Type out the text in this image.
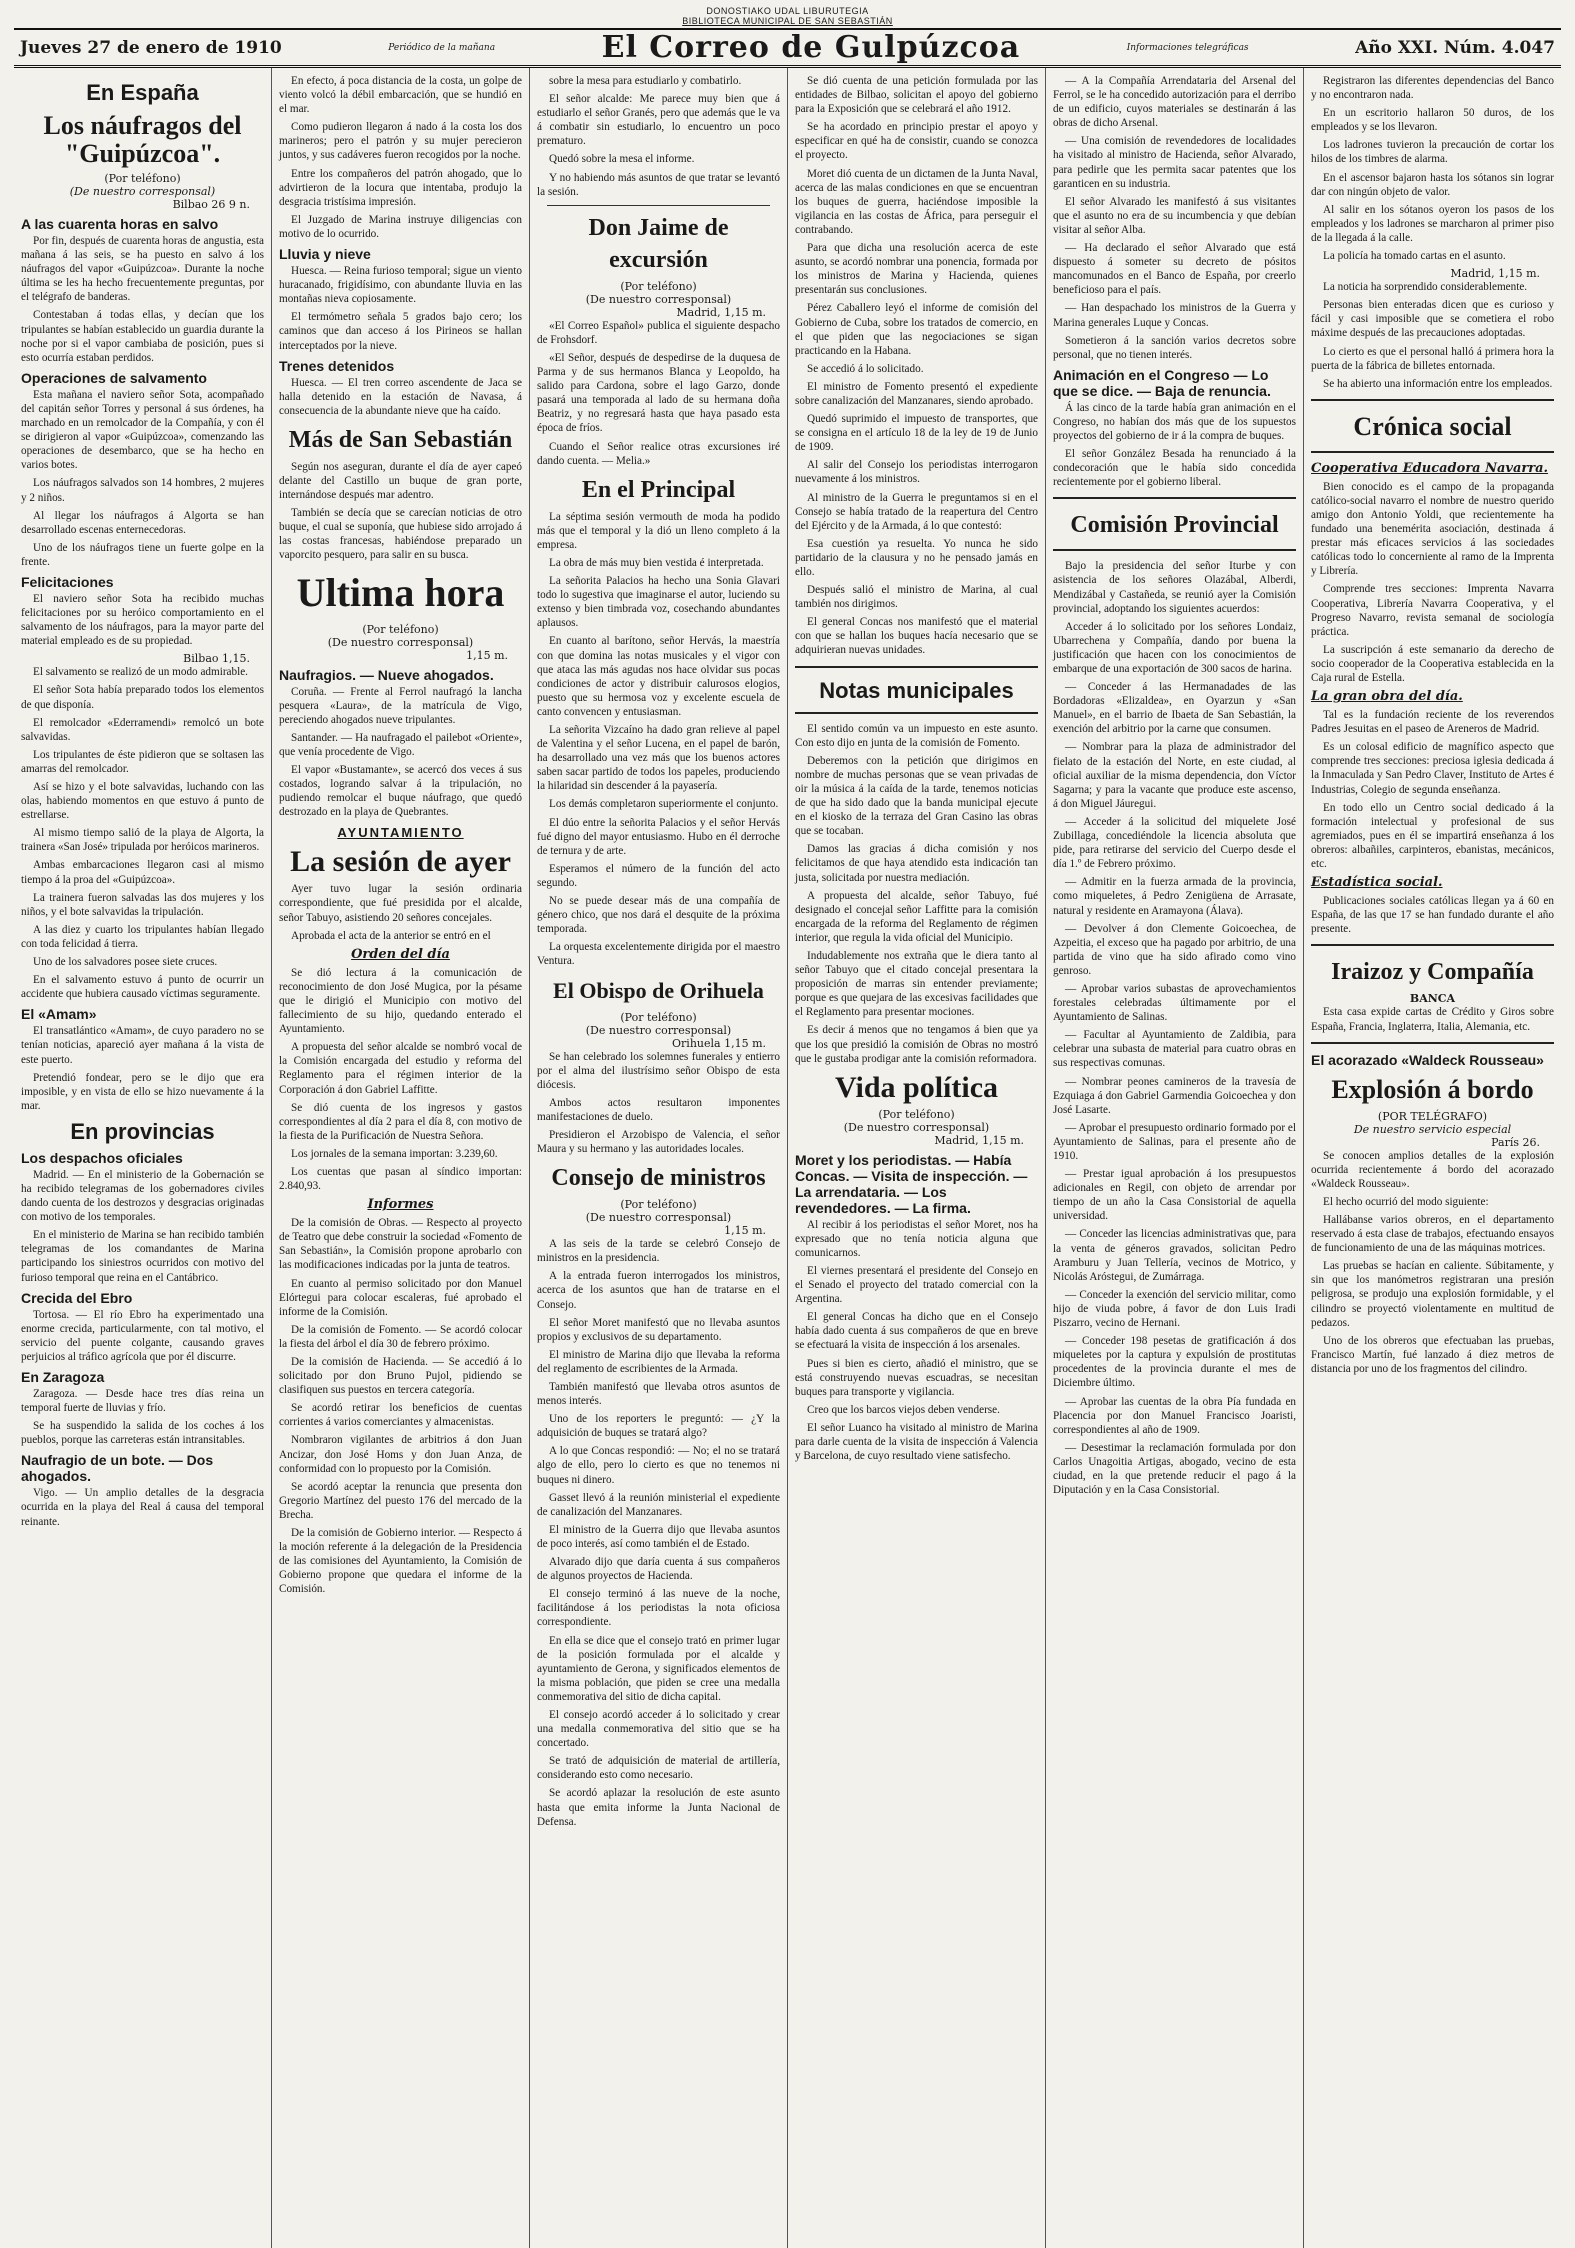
DONOSTIAKO UDAL LIBURUTEGIA
BIBLIOTECA MUNICIPAL DE SAN SEBASTIÁN
Jueves 27 de enero de 1910	Periódico de la mañana	El Correo de Gulpúzcoa	Informaciones telegráficas	Año XXI. Núm. 4.047
En España
Los náufragos del "Guipúzcoa".
(Por teléfono)
(De nuestro corresponsal)
Bilbao 26 9 n.
A las cuarenta horas en salvo

Por fin, después de cuarenta horas de angustia, esta mañana á las seis, se ha puesto en salvo á los náufragos del vapor «Guipúzcoa». Durante la noche última se les ha hecho frecuentemente preguntas, por el telégrafo de banderas.

Contestaban á todas ellas, y decían que los tripulantes se habían establecido un guardia durante la noche por si el vapor cambiaba de posición, pues si esto ocurría estaban perdidos.

Operaciones de salvamento

Esta mañana el naviero señor Sota, acompañado del capitán señor Torres y personal á sus órdenes, ha marchado en un remolcador de la Compañía, y con él se dirigieron al vapor «Guipúzcoa», comenzando las operaciones de desembarco, que se ha hecho en varios botes.

Los náufragos salvados son 14 hombres, 2 mujeres y 2 niños.

Al llegar los náufragos á Algorta se han desarrollado escenas enternecedoras.

Uno de los náufragos tiene un fuerte golpe en la frente.

Felicitaciones

El naviero señor Sota ha recibido muchas felicitaciones por su heróico comportamiento en el salvamento de los náufragos, para la mayor parte del material empleado es de su propiedad.

Bilbao 1,15.

El salvamento se realizó de un modo admirable.

El señor Sota había preparado todos los elementos de que disponía.

El remolcador «Ederramendi» remolcó un bote salvavidas.

Los tripulantes de éste pidieron que se soltasen las amarras del remolcador.

Así se hizo y el bote salvavidas, luchando con las olas, habiendo momentos en que estuvo á punto de estrellarse.

Al mismo tiempo salió de la playa de Algorta, la trainera «San José» tripulada por heróicos marineros.

Ambas embarcaciones llegaron casi al mismo tiempo á la proa del «Guipúzcoa».

La trainera fueron salvadas las dos mujeres y los niños, y el bote salvavidas la tripulación.

A las diez y cuarto los tripulantes habían llegado con toda felicidad á tierra.

Uno de los salvadores posee siete cruces.

En el salvamento estuvo á punto de ocurrir un accidente que hubiera causado víctimas seguramente.

El «Amam»

El transatlántico «Amam», de cuyo paradero no se tenían noticias, apareció ayer mañana á la vista de este puerto.

Pretendió fondear, pero se le dijo que era imposible, y en vista de ello se hizo nuevamente á la mar.

En provincias
Los despachos oficiales

Madrid. — En el ministerio de la Gobernación se ha recibido telegramas de los gobernadores civiles dando cuenta de los destrozos y desgracias originadas con motivo de los temporales.

En el ministerio de Marina se han recibido también telegramas de los comandantes de Marina participando los siniestros ocurridos con motivo del furioso temporal que reina en el Cantábrico.

Crecida del Ebro

Tortosa. — El río Ebro ha experimentado una enorme crecida, particularmente, con tal motivo, el servicio del puente colgante, causando graves perjuicios al tráfico agrícola que por él discurre.

En Zaragoza

Zaragoza. — Desde hace tres días reina un temporal fuerte de lluvias y frío.

Se ha suspendido la salida de los coches á los pueblos, porque las carreteras están intransitables.

Naufragio de un bote. — Dos ahogados.

Vigo. — Un amplio detalles de la desgracia ocurrida en la playa del Real á causa del temporal reinante.

En efecto, á poca distancia de la costa, un golpe de viento volcó la débil embarcación, que se hundió en el mar.

Como pudieron llegaron á nado á la costa los dos marineros; pero el patrón y su mujer perecieron juntos, y sus cadáveres fueron recogidos por la noche.

Entre los compañeros del patrón ahogado, que lo advirtieron de la locura que intentaba, produjo la desgracia tristísima impresión.

El Juzgado de Marina instruye diligencias con motivo de lo ocurrido.

Lluvia y nieve

Huesca. — Reina furioso temporal; sigue un viento huracanado, frigidísimo, con abundante lluvia en las montañas nieva copiosamente.

El termómetro señala 5 grados bajo cero; los caminos que dan acceso á los Pirineos se hallan interceptados por la nieve.

Trenes detenidos

Huesca. — El tren correo ascendente de Jaca se halla detenido en la estación de Navasa, á consecuencia de la abundante nieve que ha caído.

Más de San Sebastián

Según nos aseguran, durante el día de ayer capeó delante del Castillo un buque de gran porte, internándose después mar adentro.

También se decía que se carecían noticias de otro buque, el cual se suponía, que hubiese sido arrojado á las costas francesas, habiéndose preparado un vaporcito pesquero, para salir en su busca.

Ultima hora
(Por teléfono)
(De nuestro corresponsal)
1,15 m.
Naufragios. — Nueve ahogados.

Coruña. — Frente al Ferrol naufragó la lancha pesquera «Laura», de la matrícula de Vigo, pereciendo ahogados nueve tripulantes.

Santander. — Ha naufragado el pailebot «Oriente», que venía procedente de Vigo.

El vapor «Bustamante», se acercó dos veces á sus costados, logrando salvar á la tripulación, no pudiendo remolcar el buque náufrago, que quedó destrozado en la playa de Quebrantes.

AYUNTAMIENTO
La sesión de ayer

Ayer tuvo lugar la sesión ordinaria correspondiente, que fué presidida por el alcalde, señor Tabuyo, asistiendo 20 señores concejales.

Aprobada el acta de la anterior se entró en el

Orden del día

Se dió lectura á la comunicación de reconocimiento de don José Mugica, por la pésame que le dirigió el Municipio con motivo del fallecimiento de su hijo, quedando enterado el Ayuntamiento.

A propuesta del señor alcalde se nombró vocal de la Comisión encargada del estudio y reforma del Reglamento para el régimen interior de la Corporación á don Gabriel Laffitte.

Se dió cuenta de los ingresos y gastos correspondientes al día 2 para el día 8, con motivo de la fiesta de la Purificación de Nuestra Señora.

Los jornales de la semana importan: 3.239,60.

Los cuentas que pasan al síndico importan: 2.840,93.

Informes

De la comisión de Obras. — Respecto al proyecto de Teatro que debe construir la sociedad «Fomento de San Sebastián», la Comisión propone aprobarlo con las modificaciones indicadas por la junta de teatros.

En cuanto al permiso solicitado por don Manuel Elórtegui para colocar escaleras, fué aprobado el informe de la Comisión.

De la comisión de Fomento. — Se acordó colocar la fiesta del árbol el día 30 de febrero próximo.

De la comisión de Hacienda. — Se accedió á lo solicitado por don Bruno Pujol, pidiendo se clasifiquen sus puestos en tercera categoría.

Se acordó retirar los beneficios de cuentas corrientes á varios comerciantes y almacenistas.

Nombraron vigilantes de arbitrios á don Juan Ancizar, don José Homs y don Juan Anza, de conformidad con lo propuesto por la Comisión.

Se acordó aceptar la renuncia que presenta don Gregorio Martínez del puesto 176 del mercado de la Brecha.

De la comisión de Gobierno interior. — Respecto á la moción referente á la delegación de la Presidencia de las comisiones del Ayuntamiento, la Comisión de Gobierno propone que quedara el informe de la Comisión.

sobre la mesa para estudiarlo y combatirlo.

El señor alcalde: Me parece muy bien que á estudiarlo el señor Granés, pero que además que le va á combatir sin estudiarlo, lo encuentro un poco prematuro.

Quedó sobre la mesa el informe.

Y no habiendo más asuntos de que tratar se levantó la sesión.

Don Jaime de excursión
(Por teléfono)
(De nuestro corresponsal)
Madrid, 1,15 m.

«El Correo Español» publica el siguiente despacho de Frohsdorf.

«El Señor, después de despedirse de la duquesa de Parma y de sus hermanos Blanca y Leopoldo, ha salido para Cardona, sobre el lago Garzo, donde pasará una temporada al lado de su hermana doña Beatriz, y no regresará hasta que haya pasado esta época de fríos.

Cuando el Señor realice otras excursiones iré dando cuenta. — Melia.»

En el Principal

La séptima sesión vermouth de moda ha podido más que el temporal y la dió un lleno completo á la empresa.

La obra de más muy bien vestida é interpretada.

La señorita Palacios ha hecho una Sonia Glavari todo lo sugestiva que imaginarse el autor, luciendo su extenso y bien timbrada voz, cosechando abundantes aplausos.

En cuanto al barítono, señor Hervás, la maestría con que domina las notas musicales y el vigor con que ataca las más agudas nos hace olvidar sus pocas condiciones de actor y distribuir calurosos elogios, puesto que su hermosa voz y excelente escuela de canto convencen y entusiasman.

La señorita Vizcaíno ha dado gran relieve al papel de Valentina y el señor Lucena, en el papel de barón, ha desarrollado una vez más que los buenos actores saben sacar partido de todos los papeles, produciendo la hilaridad sin descender á la payasería.

Los demás completaron superiormente el conjunto.

El dúo entre la señorita Palacios y el señor Hervás fué digno del mayor entusiasmo. Hubo en él derroche de ternura y de arte.

Esperamos el número de la función del acto segundo.

No se puede desear más de una compañía de género chico, que nos dará el desquite de la próxima temporada.

La orquesta excelentemente dirigida por el maestro Ventura.

El Obispo de Orihuela
(Por teléfono)
(De nuestro corresponsal)
Orihuela 1,15 m.

Se han celebrado los solemnes funerales y entierro por el alma del ilustrísimo señor Obispo de esta diócesis.

Ambos actos resultaron imponentes manifestaciones de duelo.

Presidieron el Arzobispo de Valencia, el señor Maura y su hermano y las autoridades locales.

Consejo de ministros
(Por teléfono)
(De nuestro corresponsal)
1,15 m.

A las seis de la tarde se celebró Consejo de ministros en la presidencia.

A la entrada fueron interrogados los ministros, acerca de los asuntos que han de tratarse en el Consejo.

El señor Moret manifestó que no llevaba asuntos propios y exclusivos de su departamento.

El ministro de Marina dijo que llevaba la reforma del reglamento de escribientes de la Armada.

También manifestó que llevaba otros asuntos de menos interés.

Uno de los reporters le preguntó: — ¿Y la adquisición de buques se tratará algo?

A lo que Concas respondió: — No; el no se tratará algo de ello, pero lo cierto es que no tenemos ni buques ni dinero.

Gasset llevó á la reunión ministerial el expediente de canalización del Manzanares.

El ministro de la Guerra dijo que llevaba asuntos de poco interés, así como también el de Estado.

Alvarado dijo que daría cuenta á sus compañeros de algunos proyectos de Hacienda.

El consejo terminó á las nueve de la noche, facilitándose á los periodistas la nota oficiosa correspondiente.

En ella se dice que el consejo trató en primer lugar de la posición formulada por el alcalde y ayuntamiento de Gerona, y significados elementos de la misma población, que piden se cree una medalla conmemorativa del sitio de dicha capital.

El consejo acordó acceder á lo solicitado y crear una medalla conmemorativa del sitio que se ha concertado.

Se trató de adquisición de material de artillería, considerando esto como necesario.

Se acordó aplazar la resolución de este asunto hasta que emita informe la Junta Nacional de Defensa.

Se dió cuenta de una petición formulada por las entidades de Bilbao, solicitan el apoyo del gobierno para la Exposición que se celebrará el año 1912.

Se ha acordado en principio prestar el apoyo y especificar en qué ha de consistir, cuando se conozca el proyecto.

Moret dió cuenta de un dictamen de la Junta Naval, acerca de las malas condiciones en que se encuentran los buques de guerra, haciéndose imposible la vigilancia en las costas de África, para perseguir el contrabando.

Para que dicha una resolución acerca de este asunto, se acordó nombrar una ponencia, formada por los ministros de Marina y Hacienda, quienes presentarán sus conclusiones.

Pérez Caballero leyó el informe de comisión del Gobierno de Cuba, sobre los tratados de comercio, en el que piden que las negociaciones se sigan practicando en la Habana.

Se accedió á lo solicitado.

El ministro de Fomento presentó el expediente sobre canalización del Manzanares, siendo aprobado.

Quedó suprimido el impuesto de transportes, que se consigna en el artículo 18 de la ley de 19 de Junio de 1909.

Al salir del Consejo los periodistas interrogaron nuevamente á los ministros.

Al ministro de la Guerra le preguntamos si en el Consejo se había tratado de la reapertura del Centro del Ejército y de la Armada, á lo que contestó:

Esa cuestión ya resuelta. Yo nunca he sido partidario de la clausura y no he pensado jamás en ello.

Después salió el ministro de Marina, al cual también nos dirigimos.

El general Concas nos manifestó que el material con que se hallan los buques hacía necesario que se adquirieran nuevas unidades.

Notas municipales

El sentido común va un impuesto en este asunto. Con esto dijo en junta de la comisión de Fomento.

Deberemos con la petición que dirigimos en nombre de muchas personas que se vean privadas de oir la música á la caída de la tarde, tenemos noticias de que ha sido dado que la banda municipal ejecute en el kiosko de la terraza del Gran Casino las obras que se tocaban.

Damos las gracias á dicha comisión y nos felicitamos de que haya atendido esta indicación tan justa, solicitada por nuestra mediación.

A propuesta del alcalde, señor Tabuyo, fué designado el concejal señor Laffitte para la comisión encargada de la reforma del Reglamento de régimen interior, que regula la vida oficial del Municipio.

Indudablemente nos extraña que le diera tanto al señor Tabuyo que el citado concejal presentara la proposición de marras sin entender previamente; porque es que quejara de las excesivas facilidades que el Reglamento para presentar mociones.

Es decir á menos que no tengamos á bien que ya que los que presidió la comisión de Obras no mostró que le gustaba prodigar ante la comisión reformadora.

Vida política
(Por teléfono)
(De nuestro corresponsal)
Madrid, 1,15 m.
Moret y los periodistas. — Había Concas. — Visita de inspección. — La arrendataria. — Los revendedores. — La firma.

Al recibir á los periodistas el señor Moret, nos ha expresado que no tenía noticia alguna que comunicarnos.

El viernes presentará el presidente del Consejo en el Senado el proyecto del tratado comercial con la Argentina.

El general Concas ha dicho que en el Consejo había dado cuenta á sus compañeros de que en breve se efectuará la visita de inspección á los arsenales.

Pues si bien es cierto, añadió el ministro, que se está construyendo nuevas escuadras, se necesitan buques para transporte y vigilancia.

Creo que los barcos viejos deben venderse.

El señor Luanco ha visitado al ministro de Marina para darle cuenta de la visita de inspección á Valencia y Barcelona, de cuyo resultado viene satisfecho.

— A la Compañía Arrendataria del Arsenal del Ferrol, se le ha concedido autorización para el derribo de un edificio, cuyos materiales se destinarán á las obras de dicho Arsenal.

— Una comisión de revendedores de localidades ha visitado al ministro de Hacienda, señor Alvarado, para pedirle que les permita sacar patentes que los garanticen en su industria.

El señor Alvarado les manifestó á sus visitantes que el asunto no era de su incumbencia y que debían visitar al señor Alba.

— Ha declarado el señor Alvarado que está dispuesto á someter su decreto de pósitos mancomunados en el Banco de España, por creerlo beneficioso para el país.

— Han despachado los ministros de la Guerra y Marina generales Luque y Concas.

Sometieron á la sanción varios decretos sobre personal, que no tienen interés.

Animación en el Congreso — Lo que se dice. — Baja de renuncia.

Á las cinco de la tarde había gran animación en el Congreso, no habían dos más que de los supuestos proyectos del gobierno de ir á la compra de buques.

El señor González Besada ha renunciado á la condecoración que le había sido concedida recientemente por el gobierno liberal.

Comisión Provincial

Bajo la presidencia del señor Iturbe y con asistencia de los señores Olazábal, Alberdi, Mendizábal y Castañeda, se reunió ayer la Comisión provincial, adoptando los siguientes acuerdos:

Acceder á lo solicitado por los señores Londaiz, Ubarrechena y Compañía, dando por buena la justificación que hacen con los conocimientos de embarque de una exportación de 300 sacos de harina.

— Conceder á las Hermanadades de las Bordadoras «Elizaldea», en Oyarzun y «San Manuel», en el barrio de Ibaeta de San Sebastián, la exención del arbitrio por la carne que consumen.

— Nombrar para la plaza de administrador del fielato de la estación del Norte, en este ciudad, al oficial auxiliar de la misma dependencia, don Víctor Sagarna; y para la vacante que produce este ascenso, á don Miguel Jáuregui.

— Acceder á la solicitud del miquelete José Zubillaga, concediéndole la licencia absoluta que pide, para retirarse del servicio del Cuerpo desde el día 1.º de Febrero próximo.

— Admitir en la fuerza armada de la provincia, como miqueletes, á Pedro Zenigüena de Arrasate, natural y residente en Aramayona (Álava).

— Devolver á don Clemente Goicoechea, de Azpeitia, el exceso que ha pagado por arbitrio, de una partida de vino que ha sido afirado como vino genroso.

— Aprobar varios subastas de aprovechamientos forestales celebradas últimamente por el Ayuntamiento de Salinas.

— Facultar al Ayuntamiento de Zaldibia, para celebrar una subasta de material para cuatro obras en sus respectivas comunas.

— Nombrar peones camineros de la travesía de Ezquiaga á don Gabriel Garmendia Goicoechea y don José Lasarte.

— Aprobar el presupuesto ordinario formado por el Ayuntamiento de Salinas, para el presente año de 1910.

— Prestar igual aprobación á los presupuestos adicionales en Regil, con objeto de arrendar por tiempo de un año la Casa Consistorial de aquella universidad.

— Conceder las licencias administrativas que, para la venta de géneros gravados, solicitan Pedro Aramburu y Juan Tellería, vecinos de Motrico, y Nicolás Aróstegui, de Zumárraga.

— Conceder la exención del servicio militar, como hijo de viuda pobre, á favor de don Luis Iradi Piszarro, vecino de Hernani.

— Conceder 198 pesetas de gratificación á dos miqueletes por la captura y expulsión de prostitutas procedentes de la provincia durante el mes de Diciembre último.

— Aprobar las cuentas de la obra Pía fundada en Placencia por don Manuel Francisco Joaristi, correspondientes al año de 1909.

— Desestimar la reclamación formulada por don Carlos Unagoitia Artigas, abogado, vecino de esta ciudad, en la que pretende reducir el pago á la Diputación y en la Casa Consistorial.

Registraron las diferentes dependencias del Banco y no encontraron nada.

En un escritorio hallaron 50 duros, de los empleados y se los llevaron.

Los ladrones tuvieron la precaución de cortar los hilos de los timbres de alarma.

En el ascensor bajaron hasta los sótanos sin lograr dar con ningún objeto de valor.

Al salir en los sótanos oyeron los pasos de los empleados y los ladrones se marcharon al primer piso de la llegada á la calle.

La policía ha tomado cartas en el asunto.

Madrid, 1,15 m.

La noticia ha sorprendido considerablemente.

Personas bien enteradas dicen que es curioso y fácil y casi imposible que se cometiera el robo máxime después de las precauciones adoptadas.

Lo cierto es que el personal halló á primera hora la puerta de la fábrica de billetes entornada.

Se ha abierto una información entre los empleados.

Crónica social
Cooperativa Educadora Navarra.

Bien conocido es el campo de la propaganda católico-social navarro el nombre de nuestro querido amigo don Antonio Yoldi, que recientemente ha fundado una benemérita asociación, destinada á prestar más eficaces servicios á las sociedades católicas todo lo concerniente al ramo de la Imprenta y Librería.

Comprende tres secciones: Imprenta Navarra Cooperativa, Librería Navarra Cooperativa, y el Progreso Navarro, revista semanal de sociología práctica.

La suscripción á este semanario da derecho de socio cooperador de la Cooperativa establecida en la Caja rural de Estella.

La gran obra del día.

Tal es la fundación reciente de los reverendos Padres Jesuitas en el paseo de Areneros de Madrid.

Es un colosal edificio de magnífico aspecto que comprende tres secciones: preciosa iglesia dedicada á la Inmaculada y San Pedro Claver, Instituto de Artes é Industrias, Colegio de segunda enseñanza.

En todo ello un Centro social dedicado á la formación intelectual y profesional de sus agremiados, pues en él se impartirá enseñanza á los obreros: albañiles, carpinteros, ebanistas, mecánicos, etc.

Estadística social.

Publicaciones sociales católicas llegan ya á 60 en España, de las que 17 se han fundado durante el año presente.

Iraizoz y Compañía
BANCA

Esta casa expide cartas de Crédito y Giros sobre España, Francia, Inglaterra, Italia, Alemania, etc.

El acorazado «Waldeck Rousseau»
Explosión á bordo
(POR TELÉGRAFO)
De nuestro servicio especial
París 26.

Se conocen amplios detalles de la explosión ocurrida recientemente á bordo del acorazado «Waldeck Rousseau».

El hecho ocurrió del modo siguiente:

Hallábanse varios obreros, en el departamento reservado á esta clase de trabajos, efectuando ensayos de funcionamiento de una de las máquinas motrices.

Las pruebas se hacían en caliente. Súbitamente, y sin que los manómetros registraran una presión peligrosa, se produjo una explosión formidable, y el cilindro se proyectó violentamente en multitud de pedazos.

Uno de los obreros que efectuaban las pruebas, Francisco Martín, fué lanzado á diez metros de distancia por uno de los fragmentos del cilindro.
